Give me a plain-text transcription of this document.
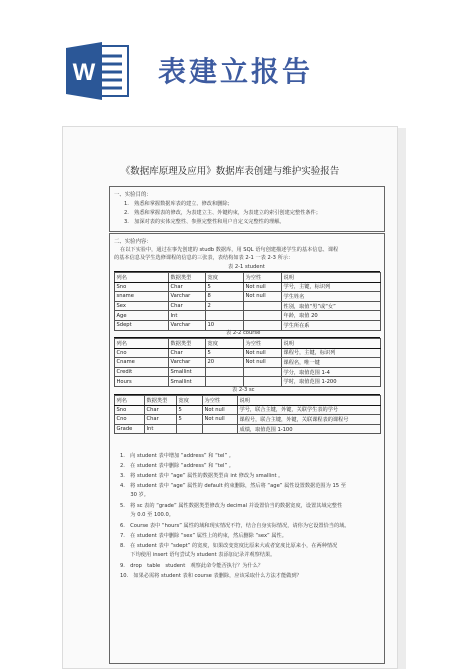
W 表建立报告
《数据库原理及应用》数据库表创建与维护实验报告
一、实验目的：
1.　熟悉和掌握数据库表的建立、修改和删除；
2.　熟悉和掌握表的修改，为表建立主、外键约束，为表建立的索引创建完整性条件；
3.　加深对表的实体完整性、参照完整性和用户自定义完整性的理解。
二、实验内容：
在以下实验中，通过在事先创建的 studb 数据库，用 SQL 语句创建描述学生的基本信息、课程
的基本信息及学生选修课程的信息的三张表，表结构如表 2-1 一表 2-3 所示：
表 2-1 student
列名	数据类型	宽度	为空性	说明
Sno	Char	5	Not null	学号，主键，标识列
sname	Varchar	8	Not null	学生姓名
Sex	Char	2		性别，取值“男”或“女”
Age	Int			年龄，取值 20
Sdept	Varchar	10		学生所在系
表 2-2 course
列名	数据类型	宽度	为空性	说明
Cno	Char	5	Not null	课程号，主键，标识列
Cname	Varchar	20	Not null	课程名，唯一键
Credit	Smallint			学分，取值范围 1-4
Hours	Smallint			学时，取值范围 1-200
表 2-3 sc
列名	数据类型	宽度	为空性	说明
Sno	Char	5	Not null	学号，联合主键，外键，关联学生表的学号
Cno	Char	5	Not null	课程号，联合主键，外键，关联课程表的课程号
Grade	Int			成绩，取值范围 1-100
1.　向 student 表中增加 “address” 和 “tel” 。
2.　在 student 表中删除 “address” 和 “tel” 。
3.　将 student 表中 “age” 属性的数据类型由 int 修改为 smallint 。
4.　将 student 表中 “age” 属性的 default 约束删除，然后将 “age” 属性设置数据范围为 15 至
　　30 岁。
5.　将 sc 表的 “grade” 属性数据类型修改为 decimal 并设置恰当的数据宽度，设置其域完整性
　　为 0.0 至 100.0。
6.　Course 表中 “hours” 属性的域和现实情况不符，结合自身实际情况，请你为它设置恰当的域。
7.　在 student 表中删除 “sex” 属性上的约束，然后删除 “sex” 属性。
8.　在 student 表中 “sdept” 的宽度，如果改变宽度比原来大或者宽度比原来小，在两种情况
　　下均使用 insert 语句尝试为 student 表添加记录并观察结果。
9.　drop　table　student　观察此命令能否执行？为什么？
10.　如果必需将 student 表和 course 表删除，应该采取什么方法才能做到？
